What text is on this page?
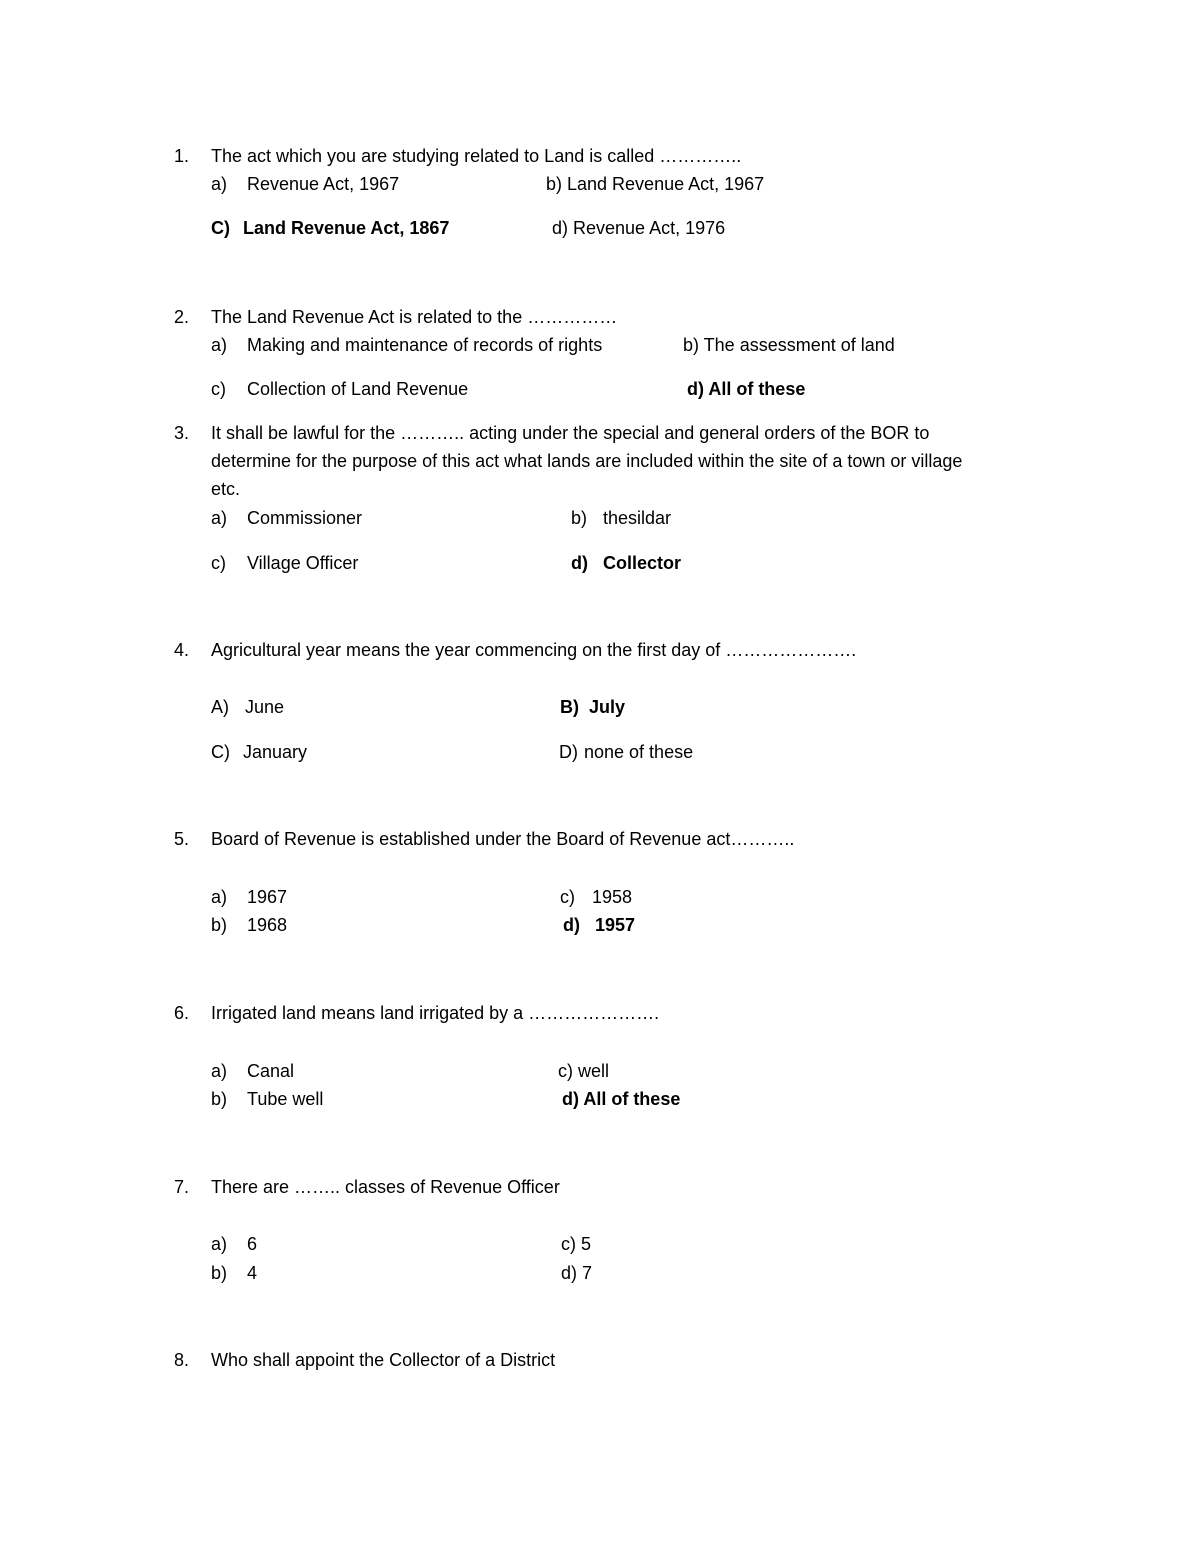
1.	The act which you are studying related to Land is called …………..
a) Revenue Act, 1967	b) Land Revenue Act, 1967
C) Land Revenue Act, 1867	d) Revenue Act, 1976
2.	The Land Revenue Act is related to the ……………
a) Making and maintenance of records of rights	b) The assessment of land
c) Collection of Land Revenue	d) All of these
3.	It shall be lawful for the ……….. acting under the special and general orders of the BOR to
determine for the purpose of this act what lands are included within the site of a town or village
etc.
a) Commissioner	b) thesildar
c) Village Officer	d) Collector
4.	Agricultural year means the year commencing on the first day of ………………….
A) June	B) July
C) January	D) none of these
5.	Board of Revenue is established under the Board of Revenue act………..
a) 1967	c) 1958
b) 1968	d) 1957
6.	Irrigated land means land irrigated by a ………………….
a) Canal	c) well
b) Tube well	d) All of these
7.	There are …….. classes of Revenue Officer
a) 6	c) 5
b) 4	d) 7
8.	Who shall appoint the Collector of a District
